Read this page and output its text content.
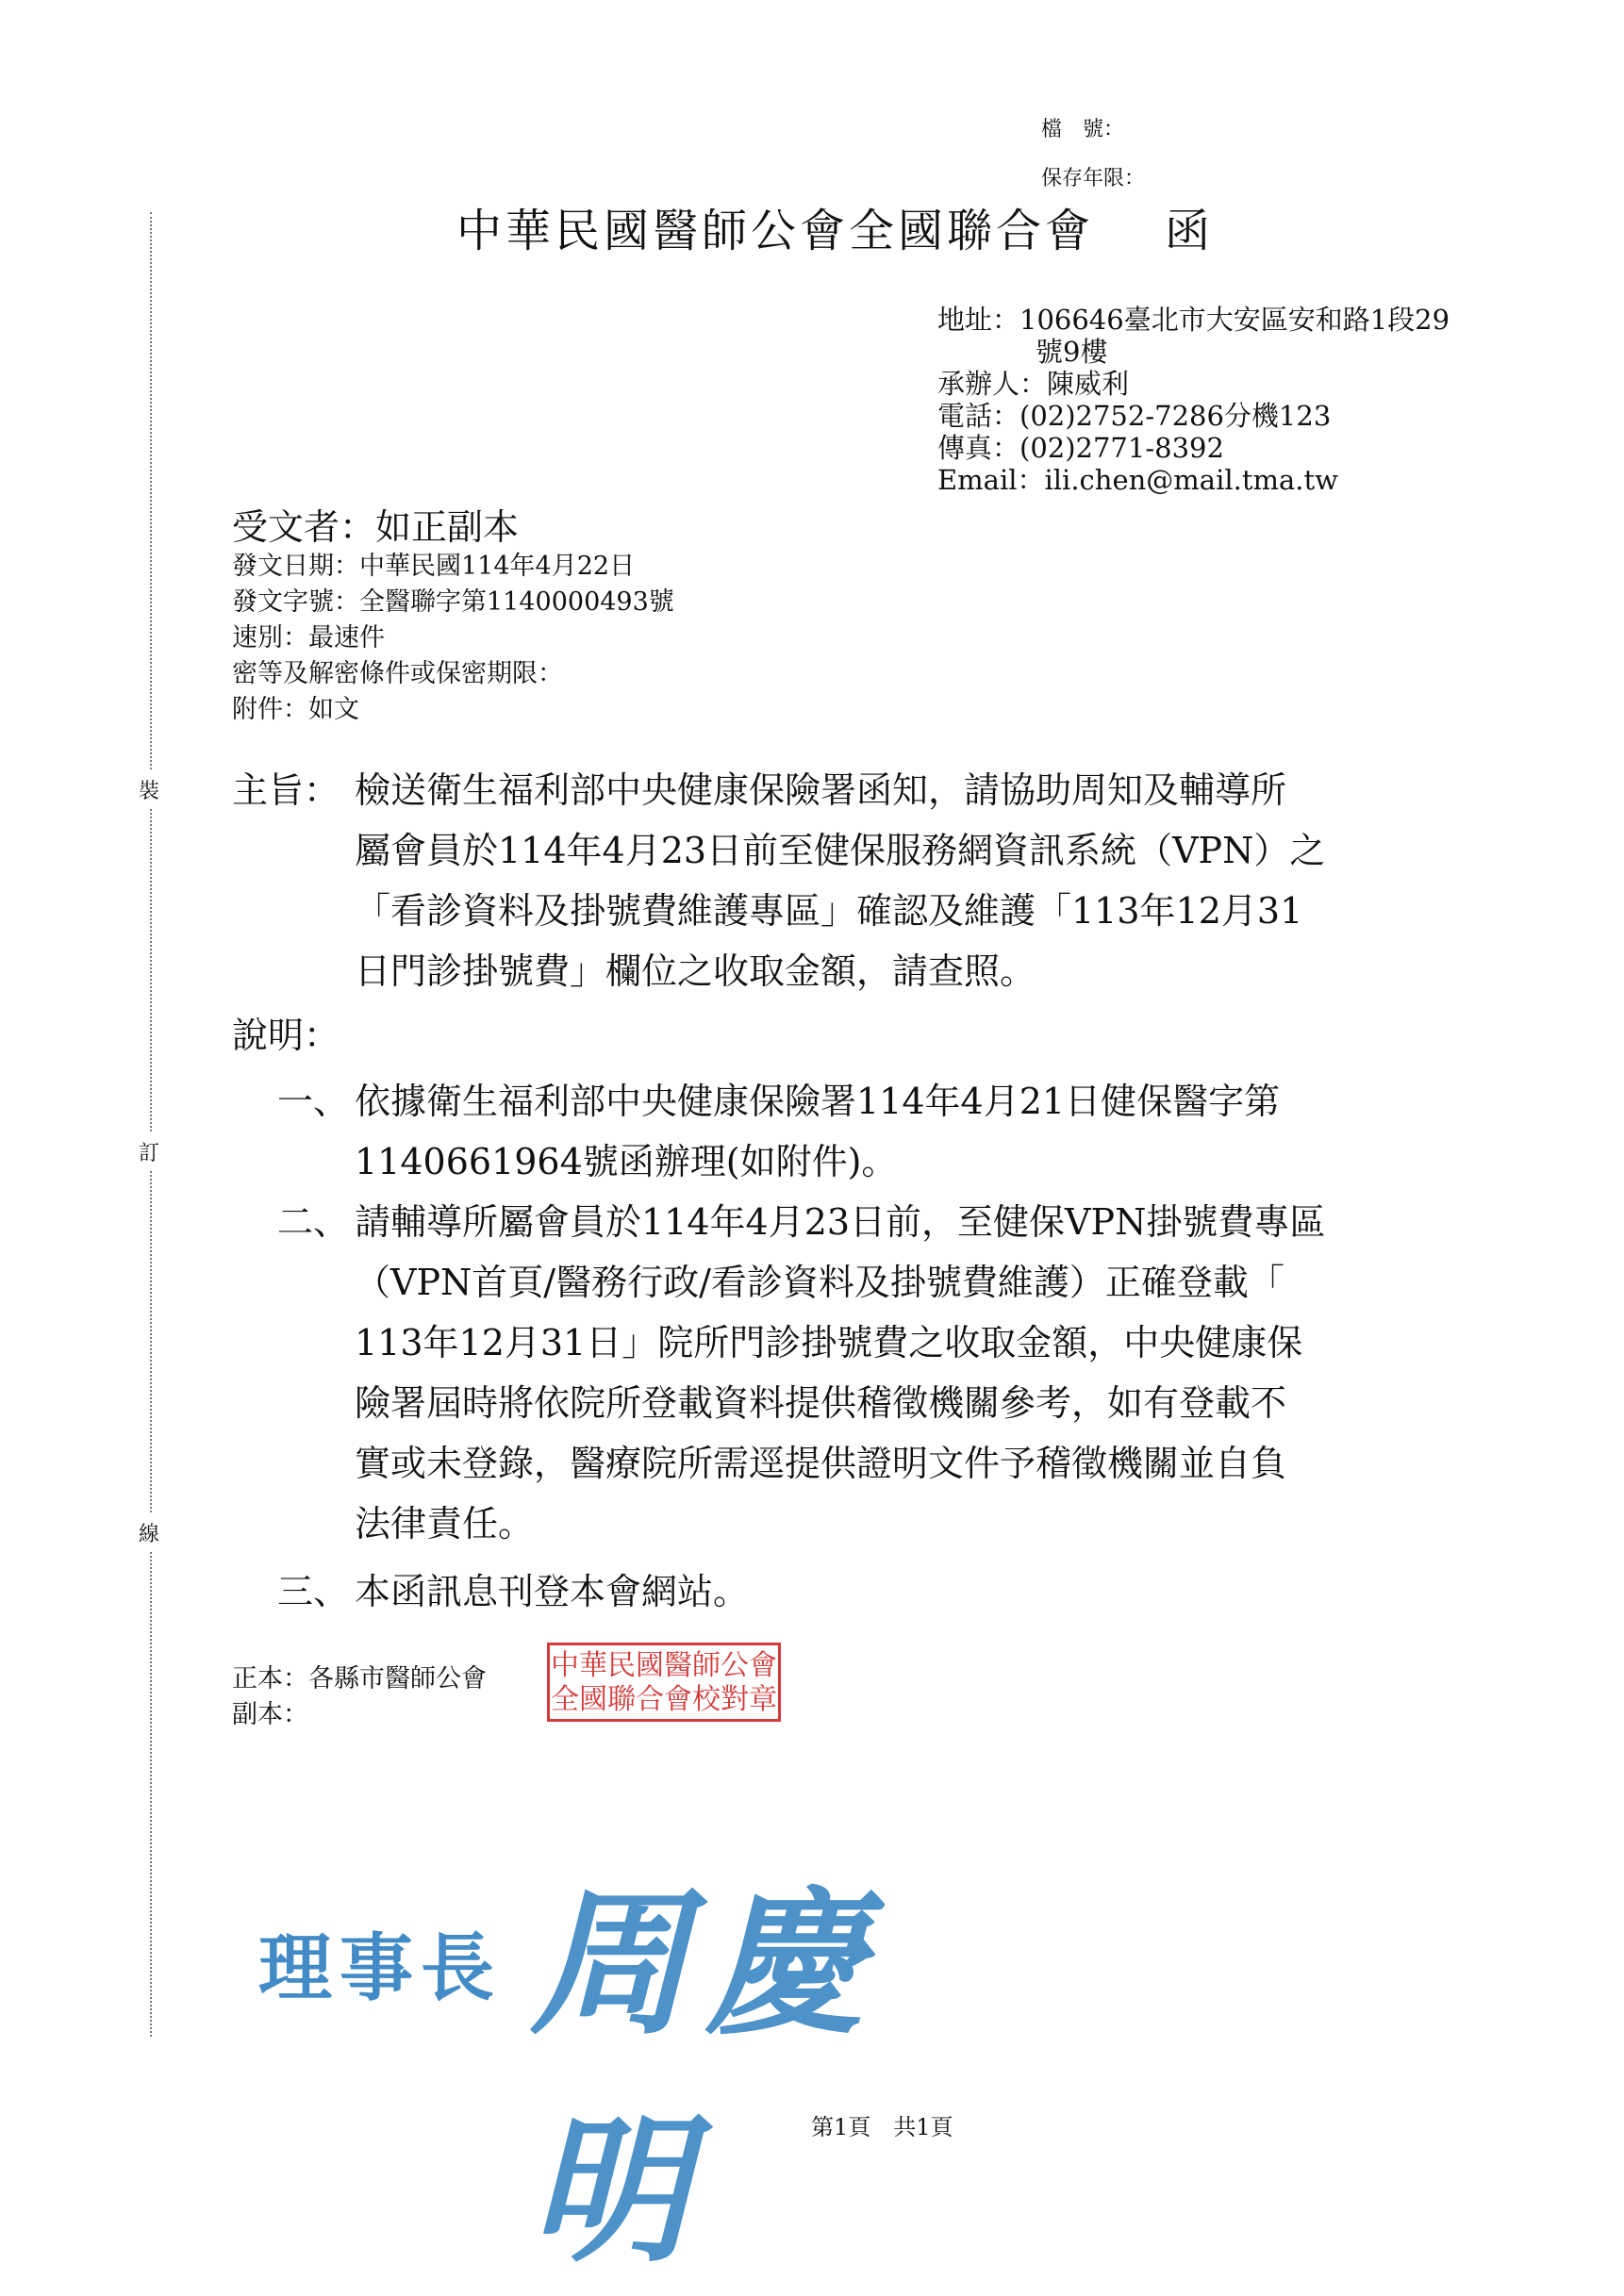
裝
訂
線
檔　號：
保存年限：
中華民國醫師公會全國聯合會 函
地址：106646臺北市大安區安和路1段29
號9樓
承辦人：陳威利
電話：(02)2752-7286分機123
傳真：(02)2771-8392
Email：ili.chen@mail.tma.tw
受文者：如正副本
發文日期：中華民國114年4月22日
發文字號：全醫聯字第1140000493號
速別：最速件
密等及解密條件或保密期限：
附件：如文
主旨： 檢送衛生福利部中央健康保險署函知，請協助周知及輔導所
屬會員於114年4月23日前至健保服務網資訊系統（VPN）之
「看診資料及掛號費維護專區」確認及維護「113年12月31
日門診掛號費」欄位之收取金額，請查照。
說明：
一、 依據衛生福利部中央健康保險署114年4月21日健保醫字第
1140661964號函辦理(如附件)。
二、 請輔導所屬會員於114年4月23日前，至健保VPN掛號費專區
（VPN首頁/醫務行政/看診資料及掛號費維護）正確登載「
113年12月31日」院所門診掛號費之收取金額，中央健康保
險署屆時將依院所登載資料提供稽徵機關參考，如有登載不
實或未登錄，醫療院所需逕提供證明文件予稽徵機關並自負
法律責任。
三、 本函訊息刊登本會網站。
正本：各縣市醫師公會
副本：
中華民國醫師公會
全國聯合會校對章
理事長 周慶明	第1頁　共1頁
